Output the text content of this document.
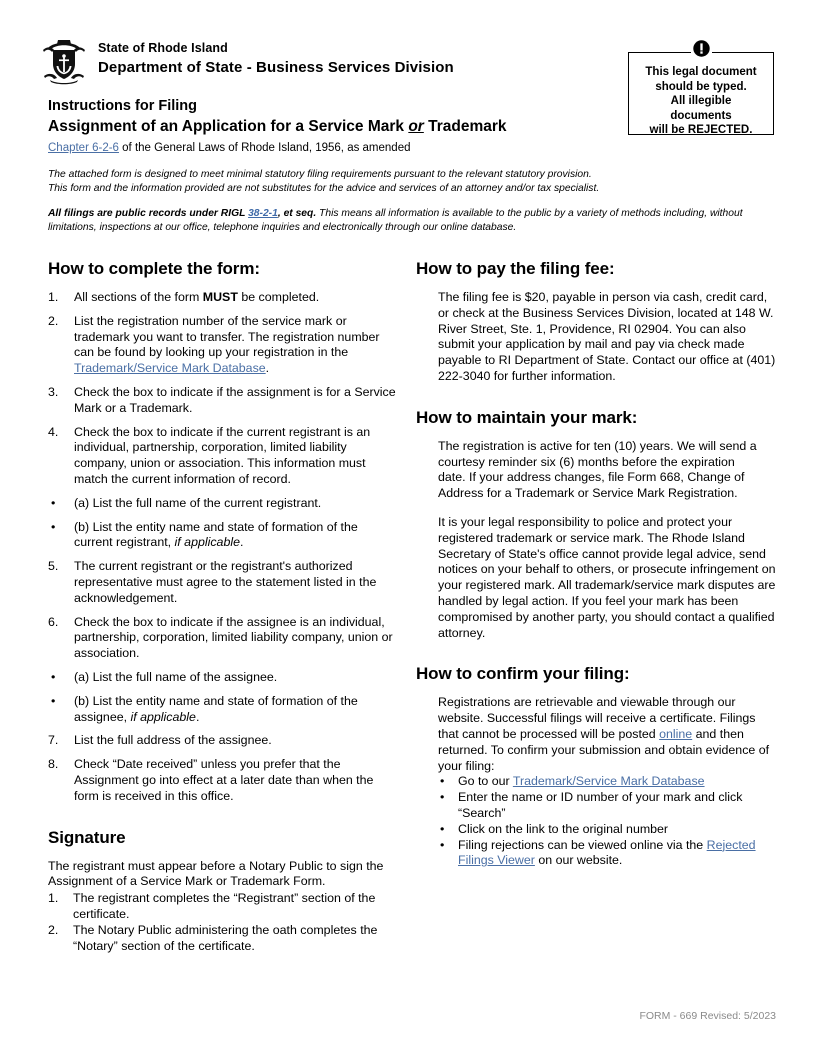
State of Rhode Island
Department of State - Business Services Division
Instructions for Filing
Assignment of an Application for a Service Mark or Trademark
Chapter 6-2-6 of the General Laws of Rhode Island, 1956, as amended

This legal document

should be typed.

All illegible

documents

will be REJECTED.

The attached form is designed to meet minimal statutory filing requirements pursuant to the relevant statutory provision.

This form and the information provided are not substitutes for the advice and services of an attorney and/or tax specialist.

All filings are public records under RIGL 38-2-1, et seq. This means all information is available to the public by a variety of methods including, without limitations, inspections at our office, telephone inquiries and electronically through our online database.

How to complete the form:
1.	All sections of the form MUST be completed.
2.	List the registration number of the service mark or trademark you want to transfer. The registration number can be found by looking up your registration in the Trademark/Service Mark Database.
3.	Check the box to indicate if the assignment is for a Service Mark or a Trademark.
4.	Check the box to indicate if the current registrant is an individual, partnership, corporation, limited liability company, union or association. This information must match the current information of record.
•	(a) List the full name of the current registrant.
•	(b) List the entity name and state of formation of the current registrant, if applicable.
5.	The current registrant or the registrant's authorized representative must agree to the statement listed in the acknowledgement.
6.	Check the box to indicate if the assignee is an individual, partnership, corporation, limited liability company, union or association.
•	(a) List the full name of the assignee.
•	(b) List the entity name and state of formation of the assignee, if applicable.
7.	List the full address of the assignee.
8.	Check “Date received” unless you prefer that the Assignment go into effect at a later date than when the form is received in this office.
Signature

The registrant must appear before a Notary Public to sign the Assignment of a Service Mark or Trademark Form.

1.	The registrant completes the “Registrant” section of the certificate.
2.	The Notary Public administering the oath completes the “Notary” section of the certificate.
How to pay the filing fee:

The filing fee is $20, payable in person via cash, credit card, or check at the Business Services Division, located at 148 W. River Street, Ste. 1, Providence, RI 02904. You can also submit your application by mail and pay via check made payable to RI Department of State. Contact our office at (401) 222-3040 for further information.

How to maintain your mark:

The registration is active for ten (10) years. We will send a courtesy reminder six (6) months before the expiration
date. If your address changes, file Form 668, Change of Address for a Trademark or Service Mark Registration.

It is your legal responsibility to police and protect your registered trademark or service mark. The Rhode Island Secretary of State's office cannot provide legal advice, send notices on your behalf to others, or prosecute infringement on your registered mark. All trademark/service mark disputes are handled by legal action. If you feel your mark has been compromised by another party, you should contact a qualified attorney.

How to confirm your filing:

Registrations are retrievable and viewable through our website. Successful filings will receive a certificate. Filings that cannot be processed will be posted online and then returned. To confirm your submission and obtain evidence of your filing:

•	Go to our Trademark/Service Mark Database
•	Enter the name or ID number of your mark and click “Search”
•	Click on the link to the original number
•	Filing rejections can be viewed online via the Rejected Filings Viewer on our website.
FORM - 669 Revised: 5/2023
